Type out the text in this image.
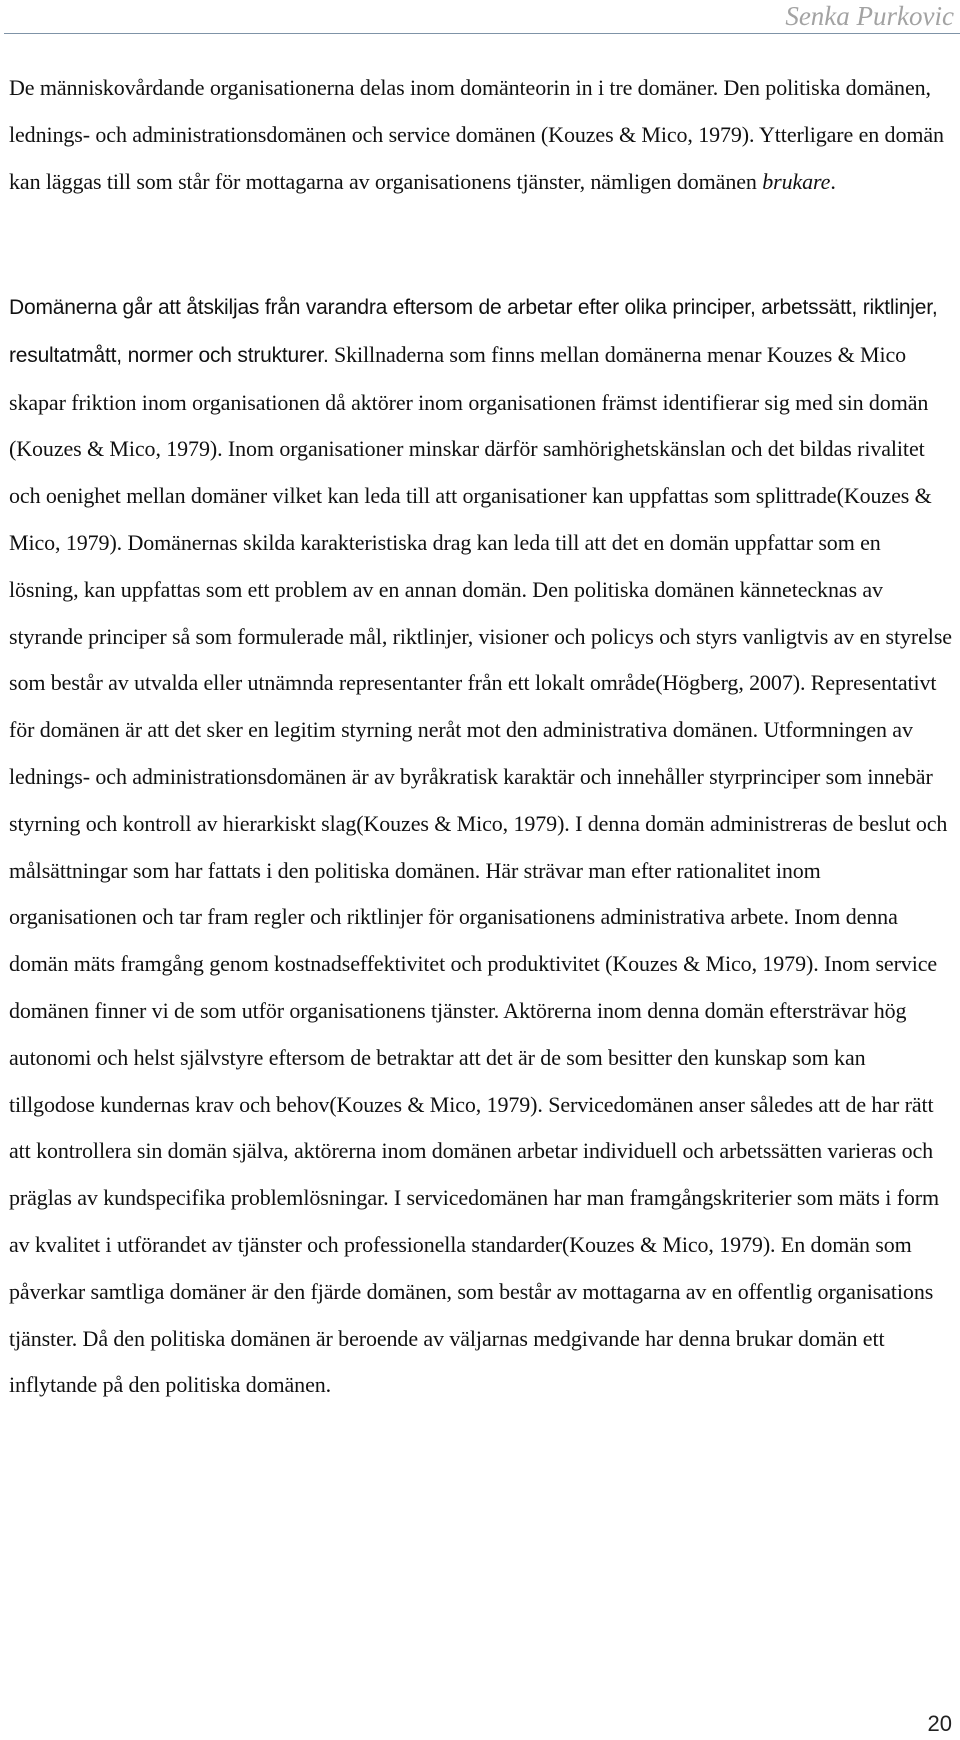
Senka Purkovic

De människovårdande organisationerna delas inom domänteorin in i tre domäner. Den politiska domänen, lednings- och administrationsdomänen och service domänen (Kouzes & Mico, 1979). Ytterligare en domän kan läggas till som står för mottagarna av organisationens tjänster, nämligen domänen brukare.

Domänerna går att åtskiljas från varandra eftersom de arbetar efter olika principer, arbetssätt, riktlinjer, resultatmått, normer och strukturer. Skillnaderna som finns mellan domänerna menar Kouzes & Mico skapar friktion inom organisationen då aktörer inom organisationen främst identifierar sig med sin domän (Kouzes & Mico, 1979). Inom organisationer minskar därför samhörighetskänslan och det bildas rivalitet och oenighet mellan domäner vilket kan leda till att organisationer kan uppfattas som splittrade(Kouzes & Mico, 1979). Domänernas skilda karakteristiska drag kan leda till att det en domän uppfattar som en lösning, kan uppfattas som ett problem av en annan domän. Den politiska domänen kännetecknas av styrande principer så som formulerade mål, riktlinjer, visioner och policys och styrs vanligtvis av en styrelse som består av utvalda eller utnämnda representanter från ett lokalt område(Högberg, 2007). Representativt för domänen är att det sker en legitim styrning neråt mot den administrativa domänen. Utformningen av lednings- och administrationsdomänen är av byråkratisk karaktär och innehåller styrprinciper som innebär styrning och kontroll av hierarkiskt slag(Kouzes & Mico, 1979). I denna domän administreras de beslut och målsättningar som har fattats i den politiska domänen. Här strävar man efter rationalitet inom organisationen och tar fram regler och riktlinjer för organisationens administrativa arbete. Inom denna domän mäts framgång genom kostnadseffektivitet och produktivitet (Kouzes & Mico, 1979). Inom service domänen finner vi de som utför organisationens tjänster. Aktörerna inom denna domän eftersträvar hög autonomi och helst självstyre eftersom de betraktar att det är de som besitter den kunskap som kan tillgodose kundernas krav och behov(Kouzes & Mico, 1979). Servicedomänen anser således att de har rätt att kontrollera sin domän själva, aktörerna inom domänen arbetar individuell och arbetssätten varieras och präglas av kundspecifika problemlösningar. I servicedomänen har man framgångskriterier som mäts i form av kvalitet i utförandet av tjänster och professionella standarder(Kouzes & Mico, 1979). En domän som påverkar samtliga domäner är den fjärde domänen, som består av mottagarna av en offentlig organisations tjänster. Då den politiska domänen är beroende av väljarnas medgivande har denna brukar domän ett inflytande på den politiska domänen.

20
